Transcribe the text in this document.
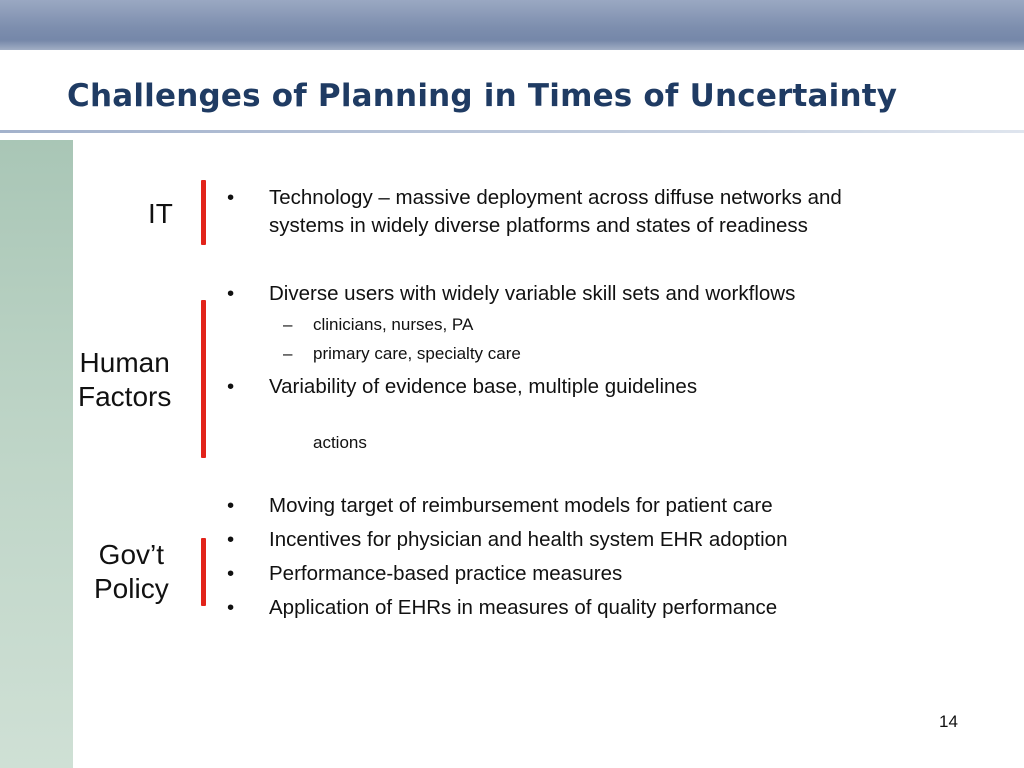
Challenges of Planning in Times of Uncertainty
IT
Human
Factors
Gov’t
Policy
• Technology – massive deployment across diffuse networks and
systems in widely diverse platforms and states of readiness
• Diverse users with widely variable skill sets and workflows
– clinicians, nurses, PA
– primary care, specialty care
• Variability of evidence base, multiple guidelines
actions
• Moving target of reimbursement models for patient care
• Incentives for physician and health system EHR adoption
• Performance-based practice measures
• Application of EHRs in measures of quality performance
14
